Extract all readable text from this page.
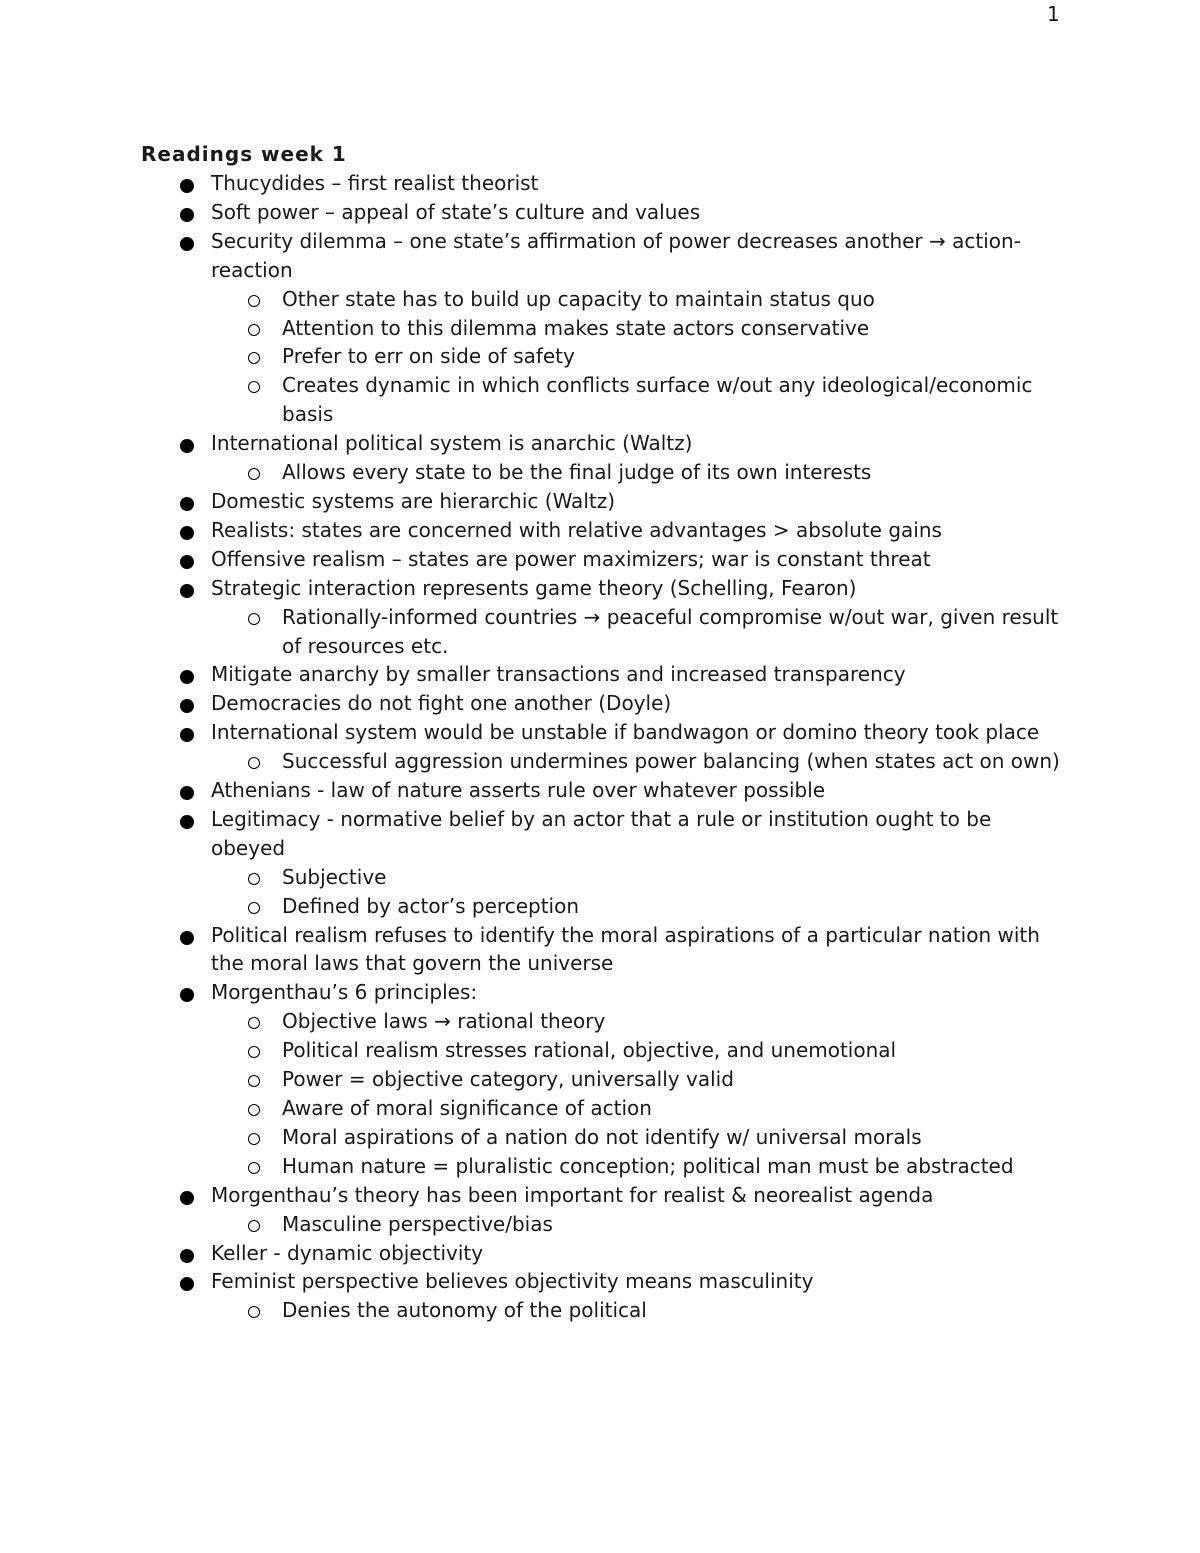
1
Readings week 1
Thucydides – first realist theorist
Soft power – appeal of state’s culture and values
Security dilemma – one state’s affirmation of power decreases another → action-reaction
Other state has to build up capacity to maintain status quo
Attention to this dilemma makes state actors conservative
Prefer to err on side of safety
Creates dynamic in which conflicts surface w/out any ideological/economic basis
International political system is anarchic (Waltz)
Allows every state to be the final judge of its own interests
Domestic systems are hierarchic (Waltz)
Realists: states are concerned with relative advantages > absolute gains
Offensive realism – states are power maximizers; war is constant threat
Strategic interaction represents game theory (Schelling, Fearon)
Rationally-informed countries → peaceful compromise w/out war, given result of resources etc.
Mitigate anarchy by smaller transactions and increased transparency
Democracies do not fight one another (Doyle)
International system would be unstable if bandwagon or domino theory took place
Successful aggression undermines power balancing (when states act on own)
Athenians - law of nature asserts rule over whatever possible
Legitimacy - normative belief by an actor that a rule or institution ought to be obeyed
Subjective
Defined by actor’s perception
Political realism refuses to identify the moral aspirations of a particular nation with the moral laws that govern the universe
Morgenthau’s 6 principles:
Objective laws → rational theory
Political realism stresses rational, objective, and unemotional
Power = objective category, universally valid
Aware of moral significance of action
Moral aspirations of a nation do not identify w/ universal morals
Human nature = pluralistic conception; political man must be abstracted
Morgenthau’s theory has been important for realist & neorealist agenda
Masculine perspective/bias
Keller - dynamic objectivity
Feminist perspective believes objectivity means masculinity
Denies the autonomy of the political
